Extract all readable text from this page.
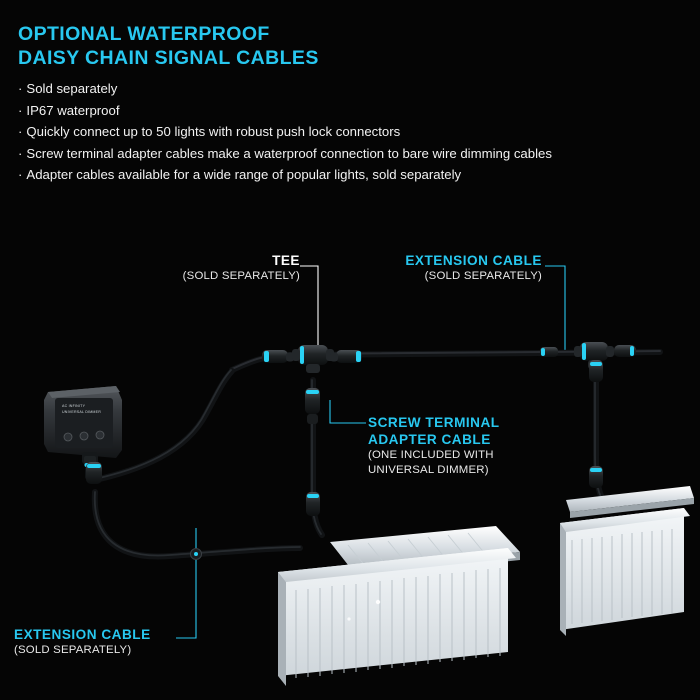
OPTIONAL WATERPROOF
DAISY CHAIN SIGNAL CABLES
· Sold separately
· IP67 waterproof
· Quickly connect up to 50 lights with robust push lock connectors
· Screw terminal adapter cables make a waterproof connection to bare wire dimming cables
· Adapter cables available for a wide range of popular lights, sold separately
AC INFINITY
UNIVERSAL DIMMER
TEE
(SOLD SEPARATELY)
EXTENSION CABLE
(SOLD SEPARATELY)
SCREW TERMINAL
ADAPTER CABLE
(ONE INCLUDED WITH
UNIVERSAL DIMMER)
EXTENSION CABLE
(SOLD SEPARATELY)
